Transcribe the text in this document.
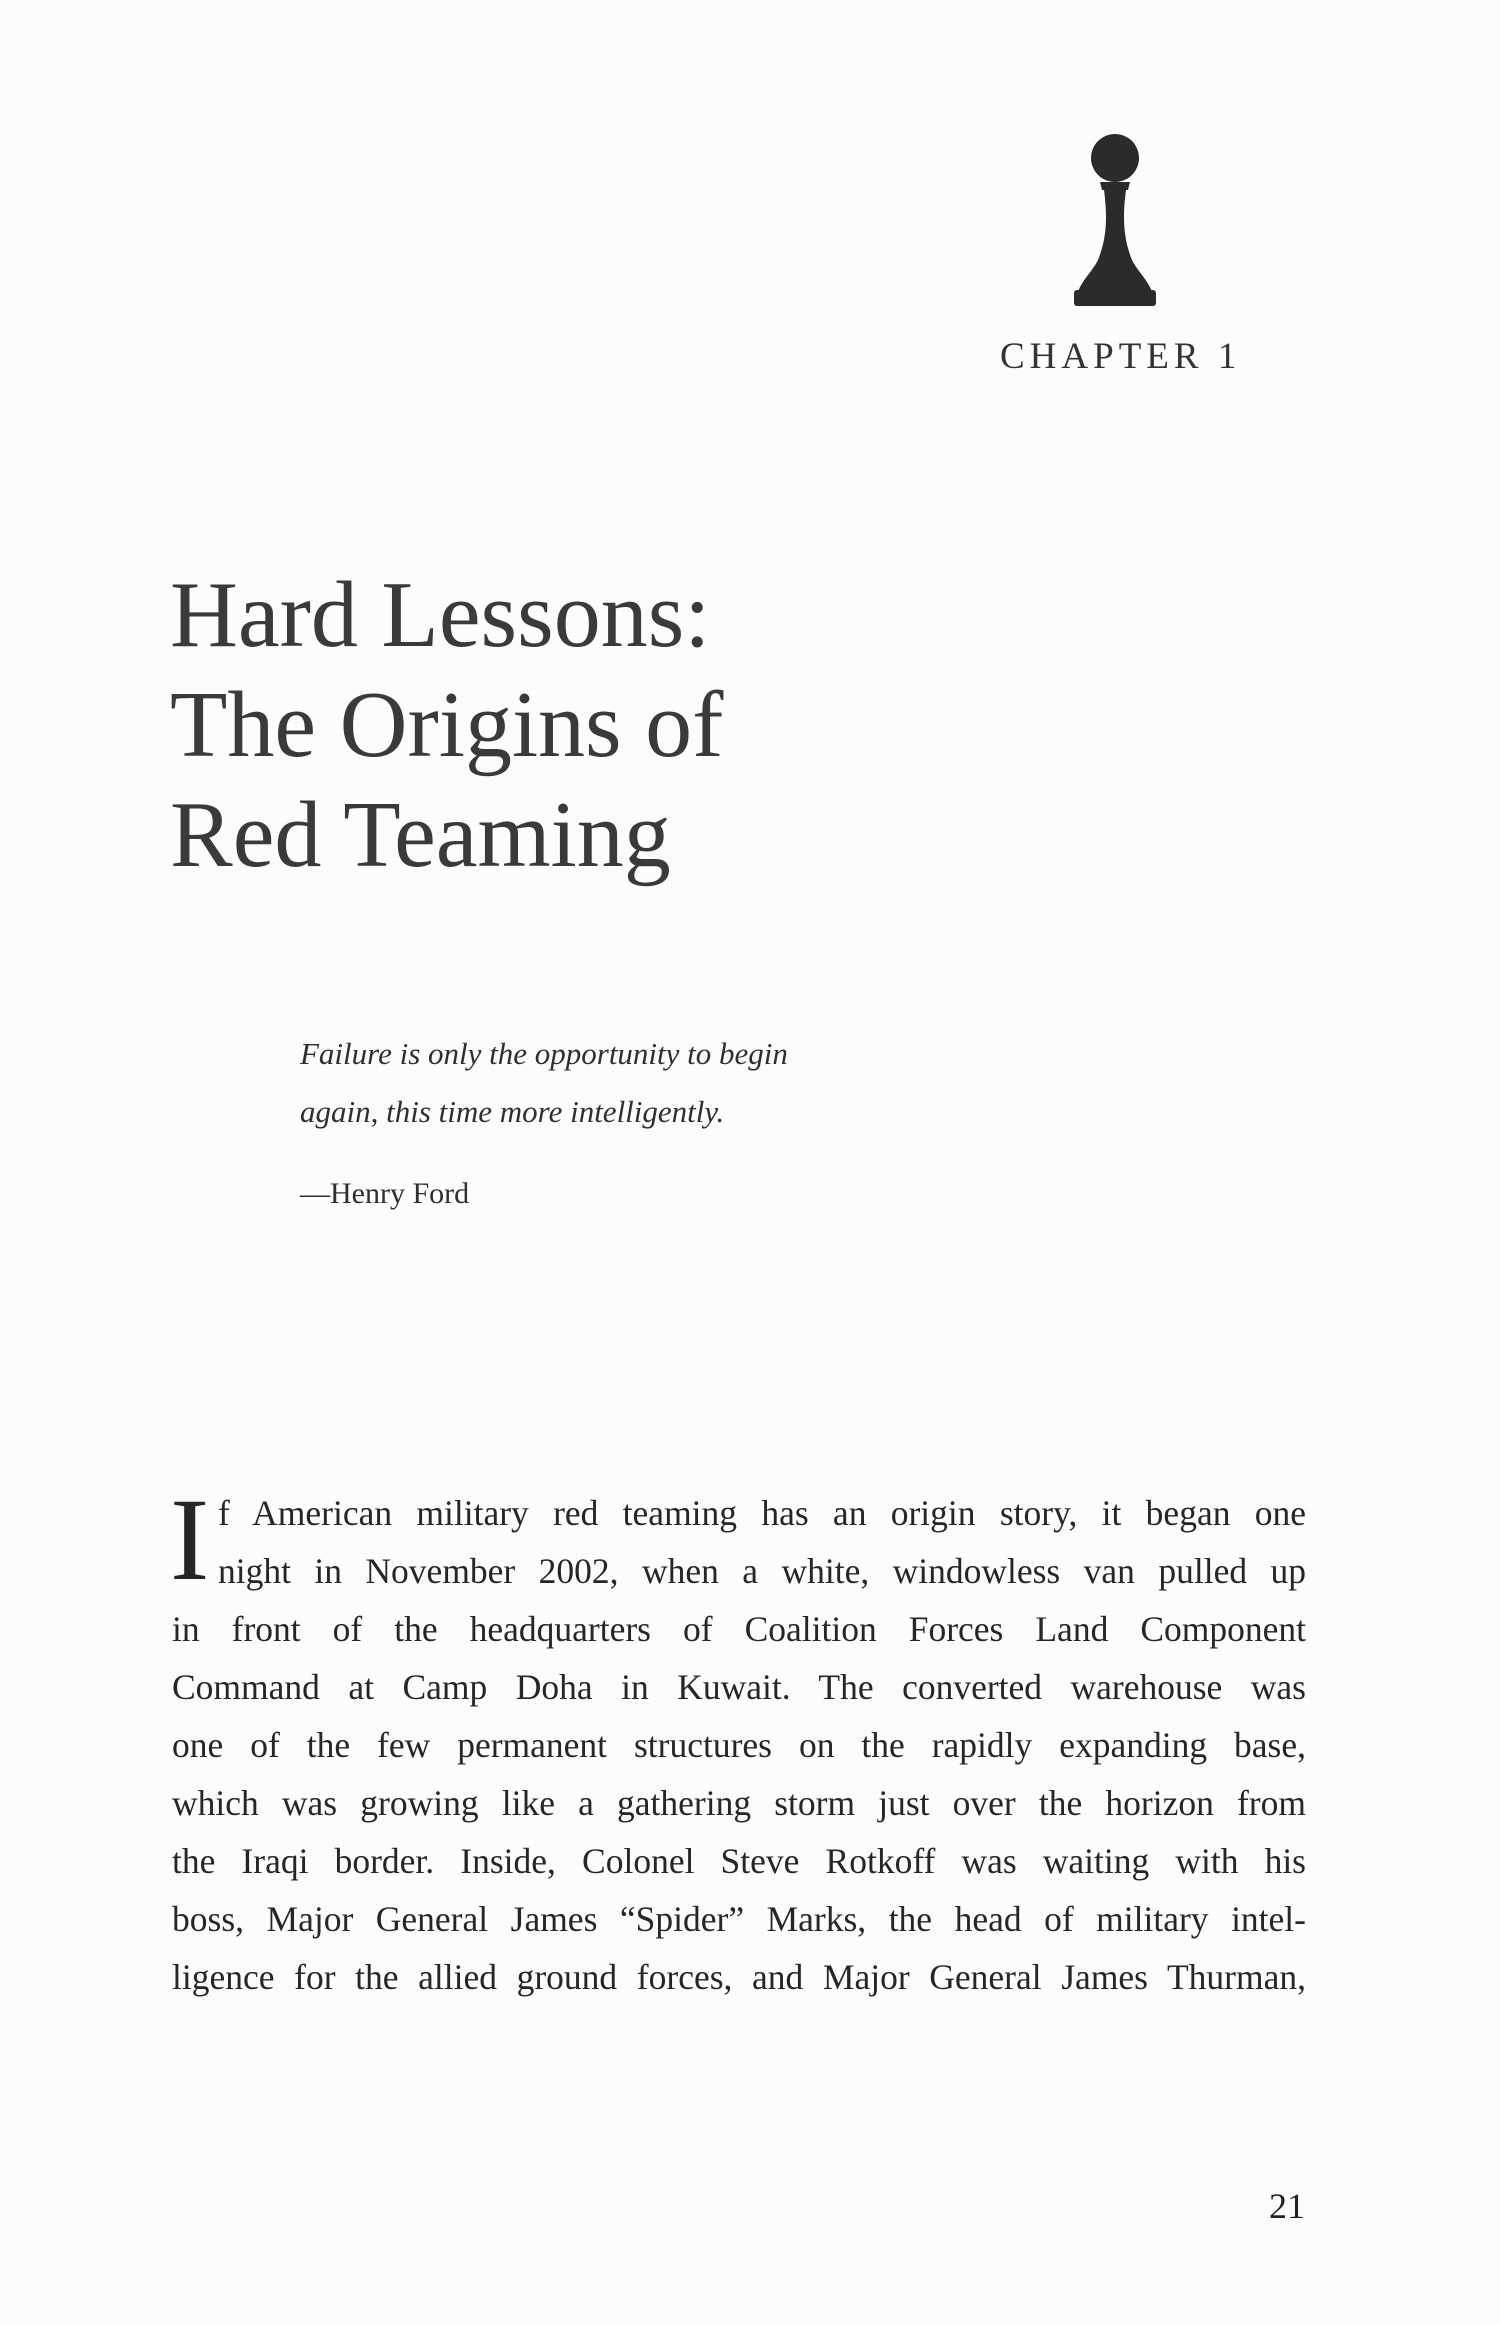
CHAPTER 1
Hard Lessons:
The Origins of
Red Teaming
Failure is only the opportunity to begin
again, this time more intelligently.
—Henry Ford
I f American military red teaming has an origin story, it began one
night in November 2002, when a white, windowless van pulled up
in front of the headquarters of Coalition Forces Land Component
Command at Camp Doha in Kuwait. The converted warehouse was
one of the few permanent structures on the rapidly expanding base,
which was growing like a gathering storm just over the horizon from
the Iraqi border. Inside, Colonel Steve Rotkoff was waiting with his
boss, Major General James “Spider” Marks, the head of military intel-
ligence for the allied ground forces, and Major General James Thurman,
21
